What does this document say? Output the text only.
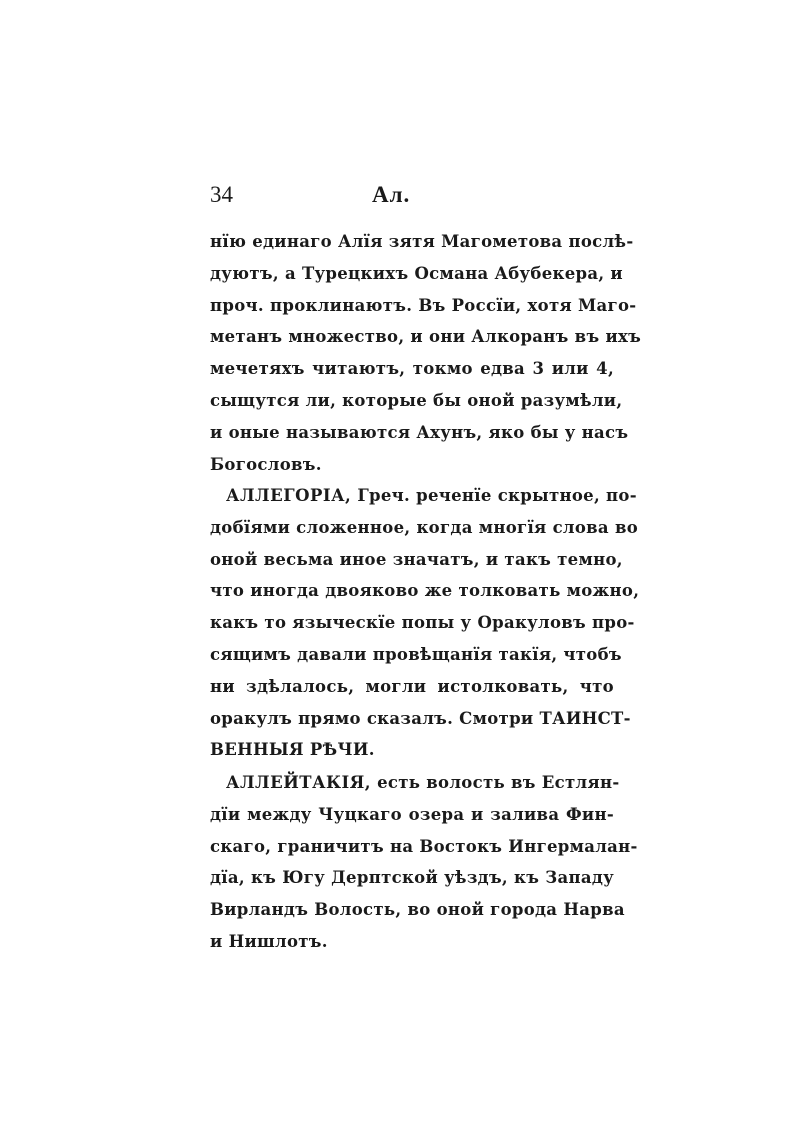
34	Ал.
нїю единаго Алїя зятя Магометова послѣ-
дуютъ, а Турецкихъ Османа Абубекера, и
проч. проклинаютъ. Въ Россїи, хотя Маго-
метанъ множество, и они Алкоранъ въ ихъ
мечетяхъ читаютъ, токмо едва 3 или 4,
сыщутся ли, которые бы оной разумѣли,
и оные называются Ахунъ, яко бы у насъ
Богословъ.
АЛЛЕГОРІА, Греч. реченїе скрытное, по-
добїями сложенное, когда многїя слова во
оной весьма иное значатъ, и такъ темно,
что иногда двояково же толковать можно,
какъ то языческїе попы у Оракуловъ про-
сящимъ давали провѣщанїя такїя, чтобъ
ни здѣлалось, могли истолковать, что
оракулъ прямо сказалъ. Смотри ТАИНСТ-
ВЕННЫЯ РѢЧИ.
АЛЛЕЙТАКІЯ, есть волость въ Естлян-
дїи между Чуцкаго озера и залива Фин-
скаго, граничитъ на Востокъ Ингермалан-
дїа, къ Югу Дерптской уѣздъ, къ Западу
Вирландъ Волость, во оной города Нарва
и Нишлотъ.
